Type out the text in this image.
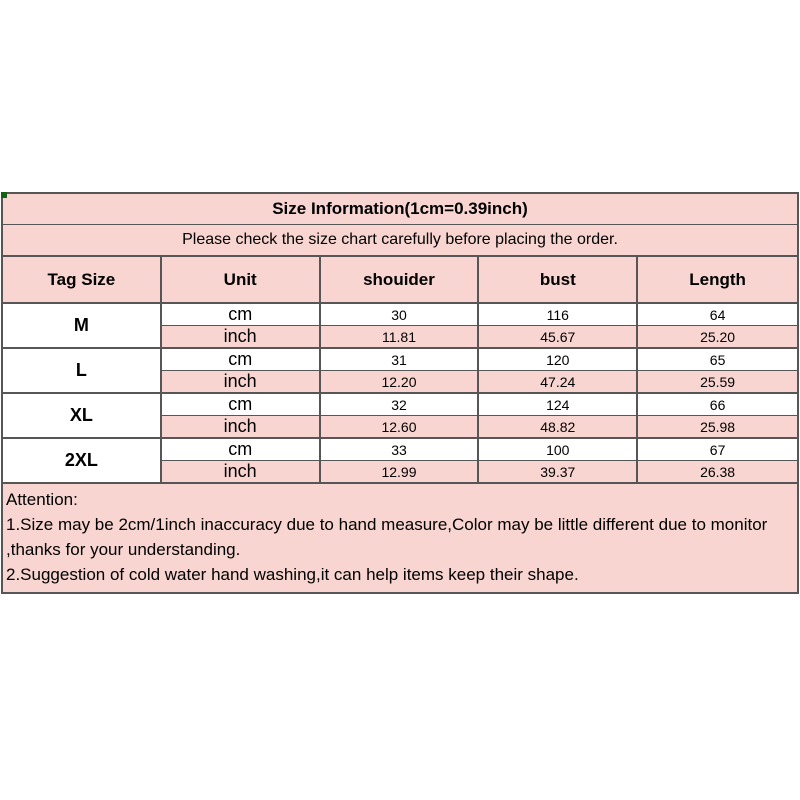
Size Information(1cm=0.39inch)				
Please check the size chart carefully before placing the order.				
Tag Size	Unit	shouider	bust	Length
M	cm	30	116	64
	inch	11.81	45.67	25.20
L	cm	31	120	65
	inch	12.20	47.24	25.59
XL	cm	32	124	66
	inch	12.60	48.82	25.98
2XL	cm	33	100	67
	inch	12.99	39.37	26.38
Attention:
1.Size may be 2cm/1inch inaccuracy due to hand measure,Color may be little different due to monitor
,thanks for your understanding.
2.Suggestion of cold water hand washing,it can help items keep their shape.
